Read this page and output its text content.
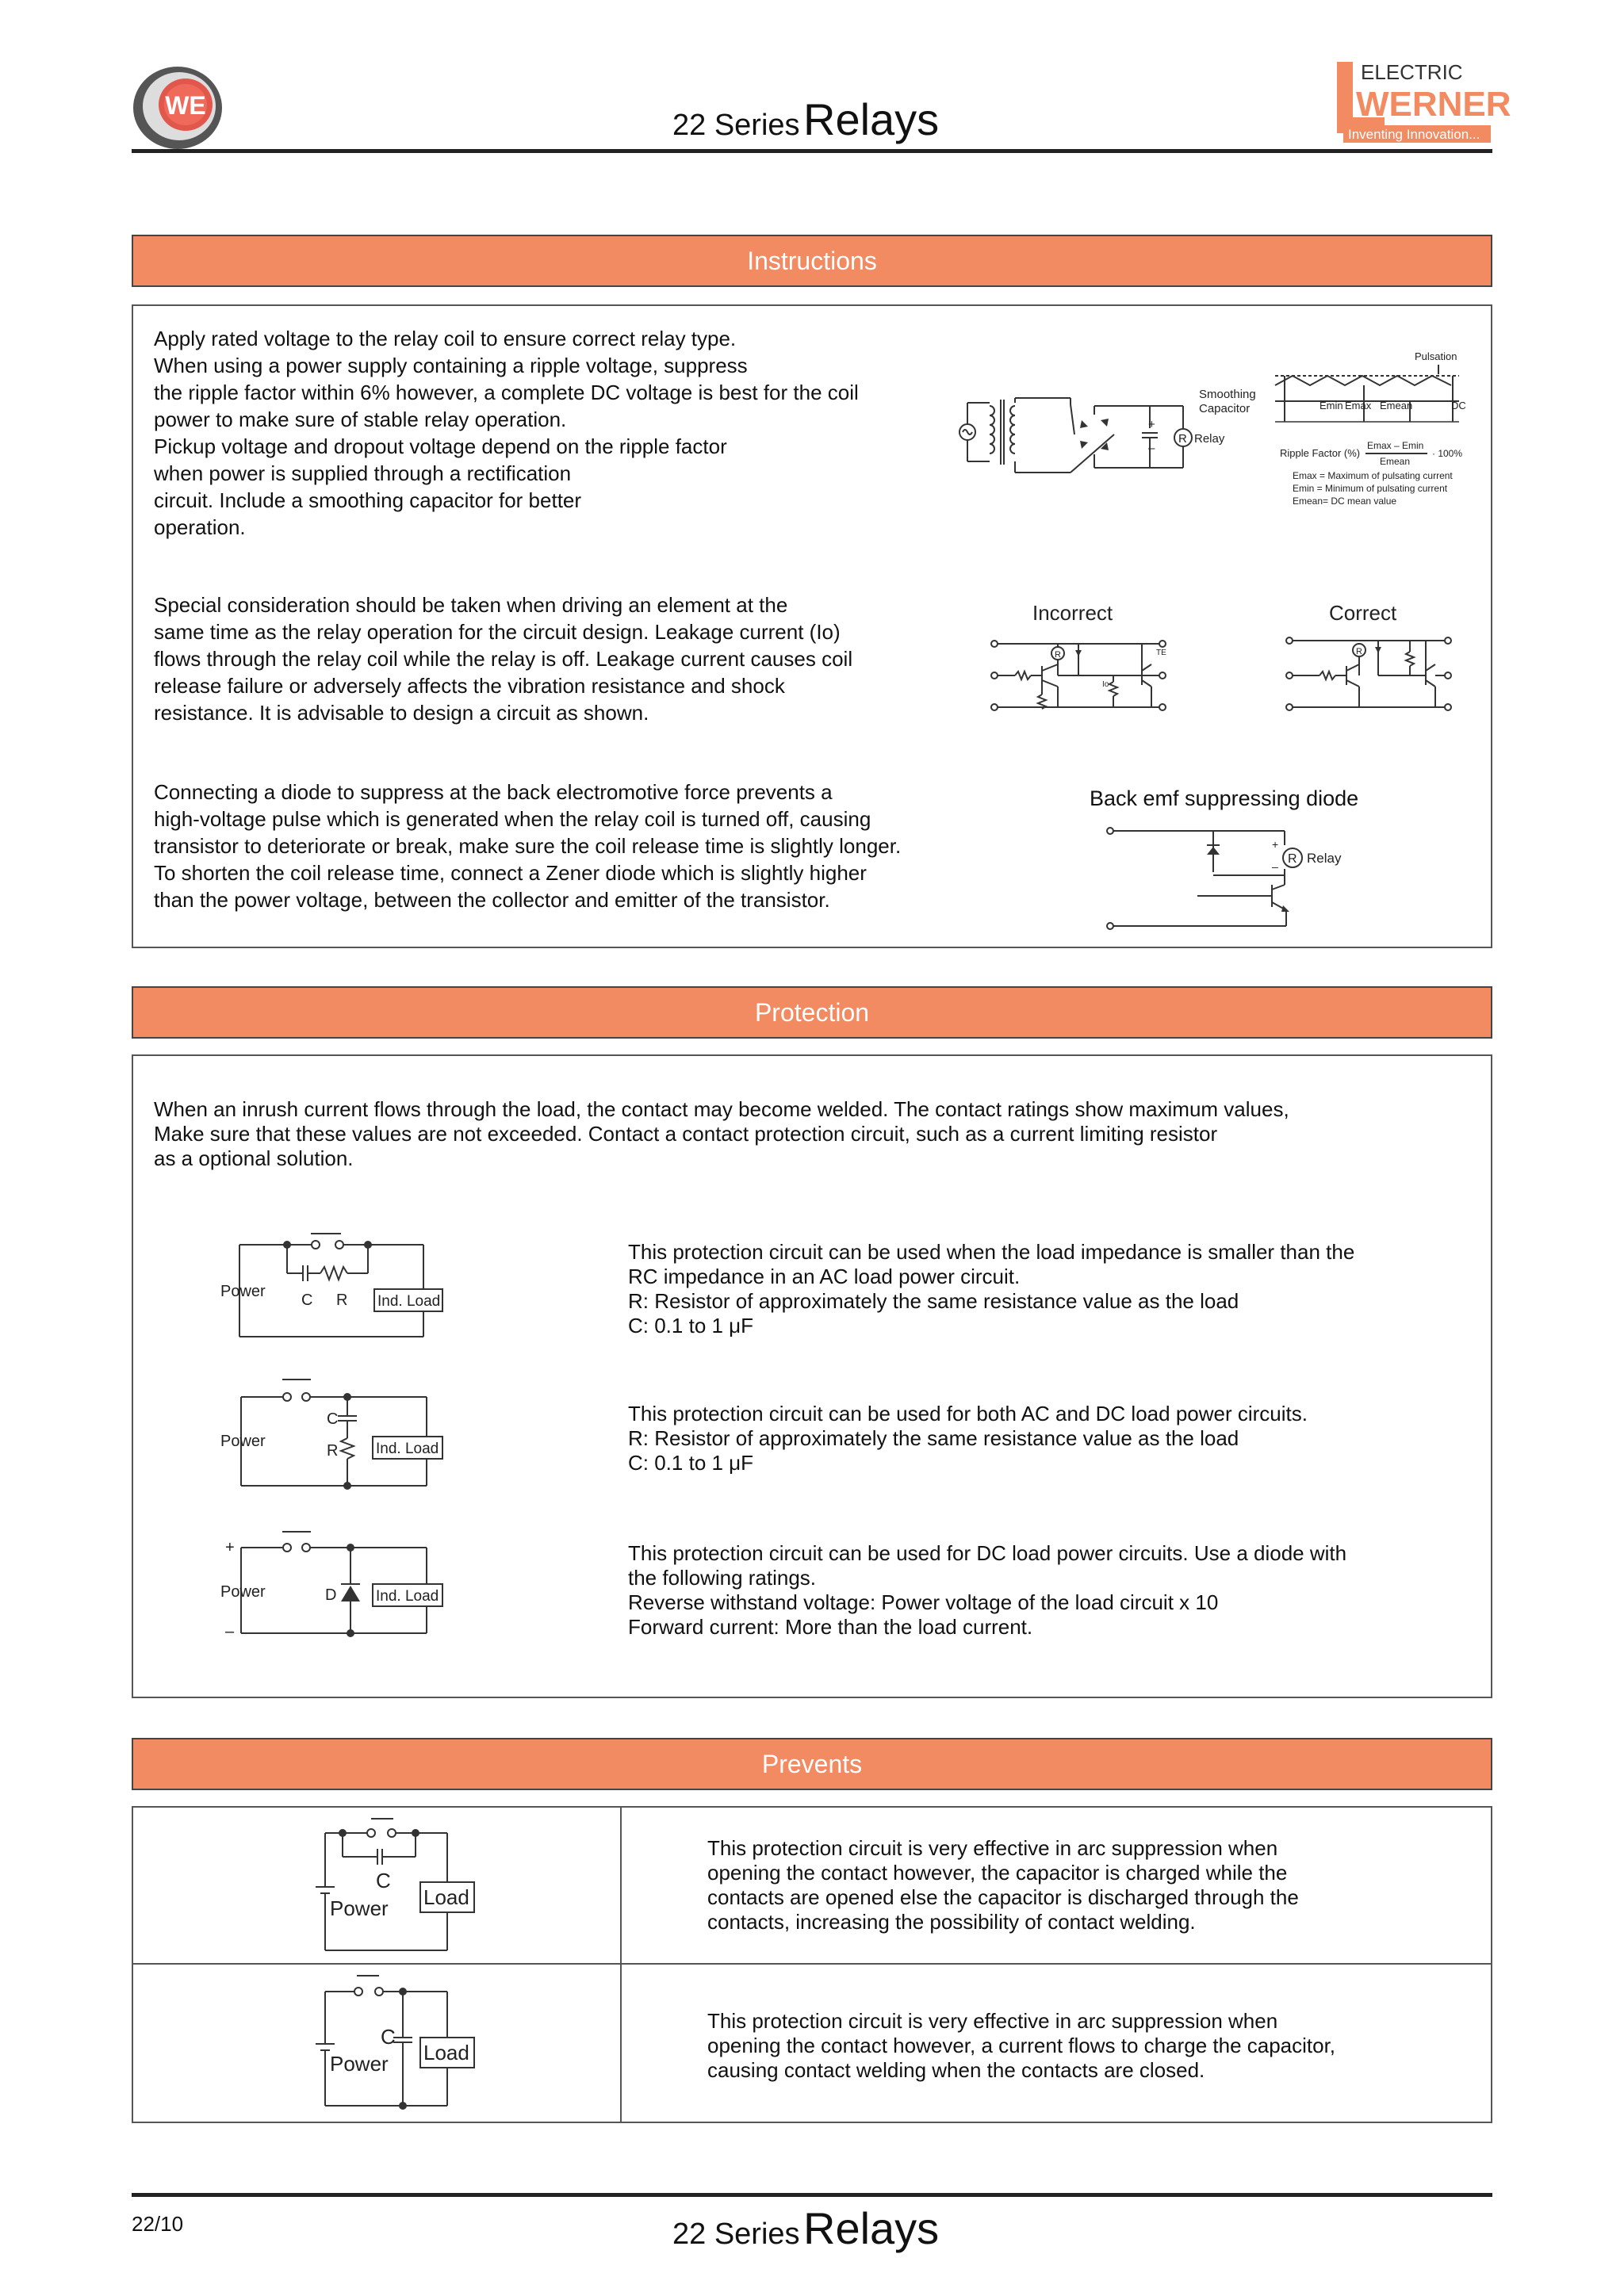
WE
22 Series Relays
ELECTRIC
WERNER
Inventing Innovation...
Instructions
Apply rated voltage to the relay coil to ensure correct relay type.
When using a power supply containing a ripple voltage, suppress
the ripple factor within 6% however, a complete DC voltage is best for the coil
power to make sure of stable relay operation.
Pickup voltage and dropout voltage depend on the ripple factor
when power is supplied through a rectification
circuit. Include a smoothing capacitor for better
operation.
Special consideration should be taken when driving an element at the
same time as the relay operation for the circuit design. Leakage current (Io)
flows through the relay coil while the relay is off. Leakage current causes coil
release failure or adversely affects the vibration resistance and shock
resistance. It is advisable to design a circuit as shown.
Connecting a diode to suppress at the back electromotive force prevents a
high-voltage pulse which is generated when the relay coil is turned off, causing
transistor to deteriorate or break, make sure the coil release time is slightly longer.
To shorten the coil release time, connect a Zener diode which is slightly higher
than the power voltage, between the collector and emitter of the transistor.
R
Smoothing
Capacitor
Relay
+
–
Pulsation
Emin Emax Emean	DC
Ripple Factor (%)
Emax – Emin
Emean
· 100%
Emax = Maximum of pulsating current
Emin = Minimum of pulsating current
Emean= DC mean value
Incorrect
R	TE
Io
Correct
R
Back emf suppressing diode
R Relay
+
–
Protection
When an inrush current flows through the load, the contact may become welded. The contact ratings show maximum values,
Make sure that these values are not exceeded. Contact a contact protection circuit, such as a current limiting resistor
as a optional solution.
Power C R Ind. Load
This protection circuit can be used when the load impedance is smaller than the
RC impedance in an AC load power circuit.
R: Resistor of approximately the same resistance value as the load
C: 0.1 to 1 μF
Power
C
R	Ind. Load
This protection circuit can be used for both AC and DC load power circuits.
R: Resistor of approximately the same resistance value as the load
C: 0.1 to 1 μF
+
Power
–
D	Ind. Load
This protection circuit can be used for DC load power circuits. Use a diode with
the following ratings.
Reverse withstand voltage: Power voltage of the load circuit x 10
Forward current: More than the load current.
Prevents
C
Power Load
This protection circuit is very effective in arc suppression when
opening the contact however, the capacitor is charged while the
contacts are opened else the capacitor is discharged through the
contacts, increasing the possibility of contact welding.
C
Power Load
This protection circuit is very effective in arc suppression when
opening the contact however, a current flows to charge the capacitor,
causing contact welding when the contacts are closed.
22/10	22 Series Relays
